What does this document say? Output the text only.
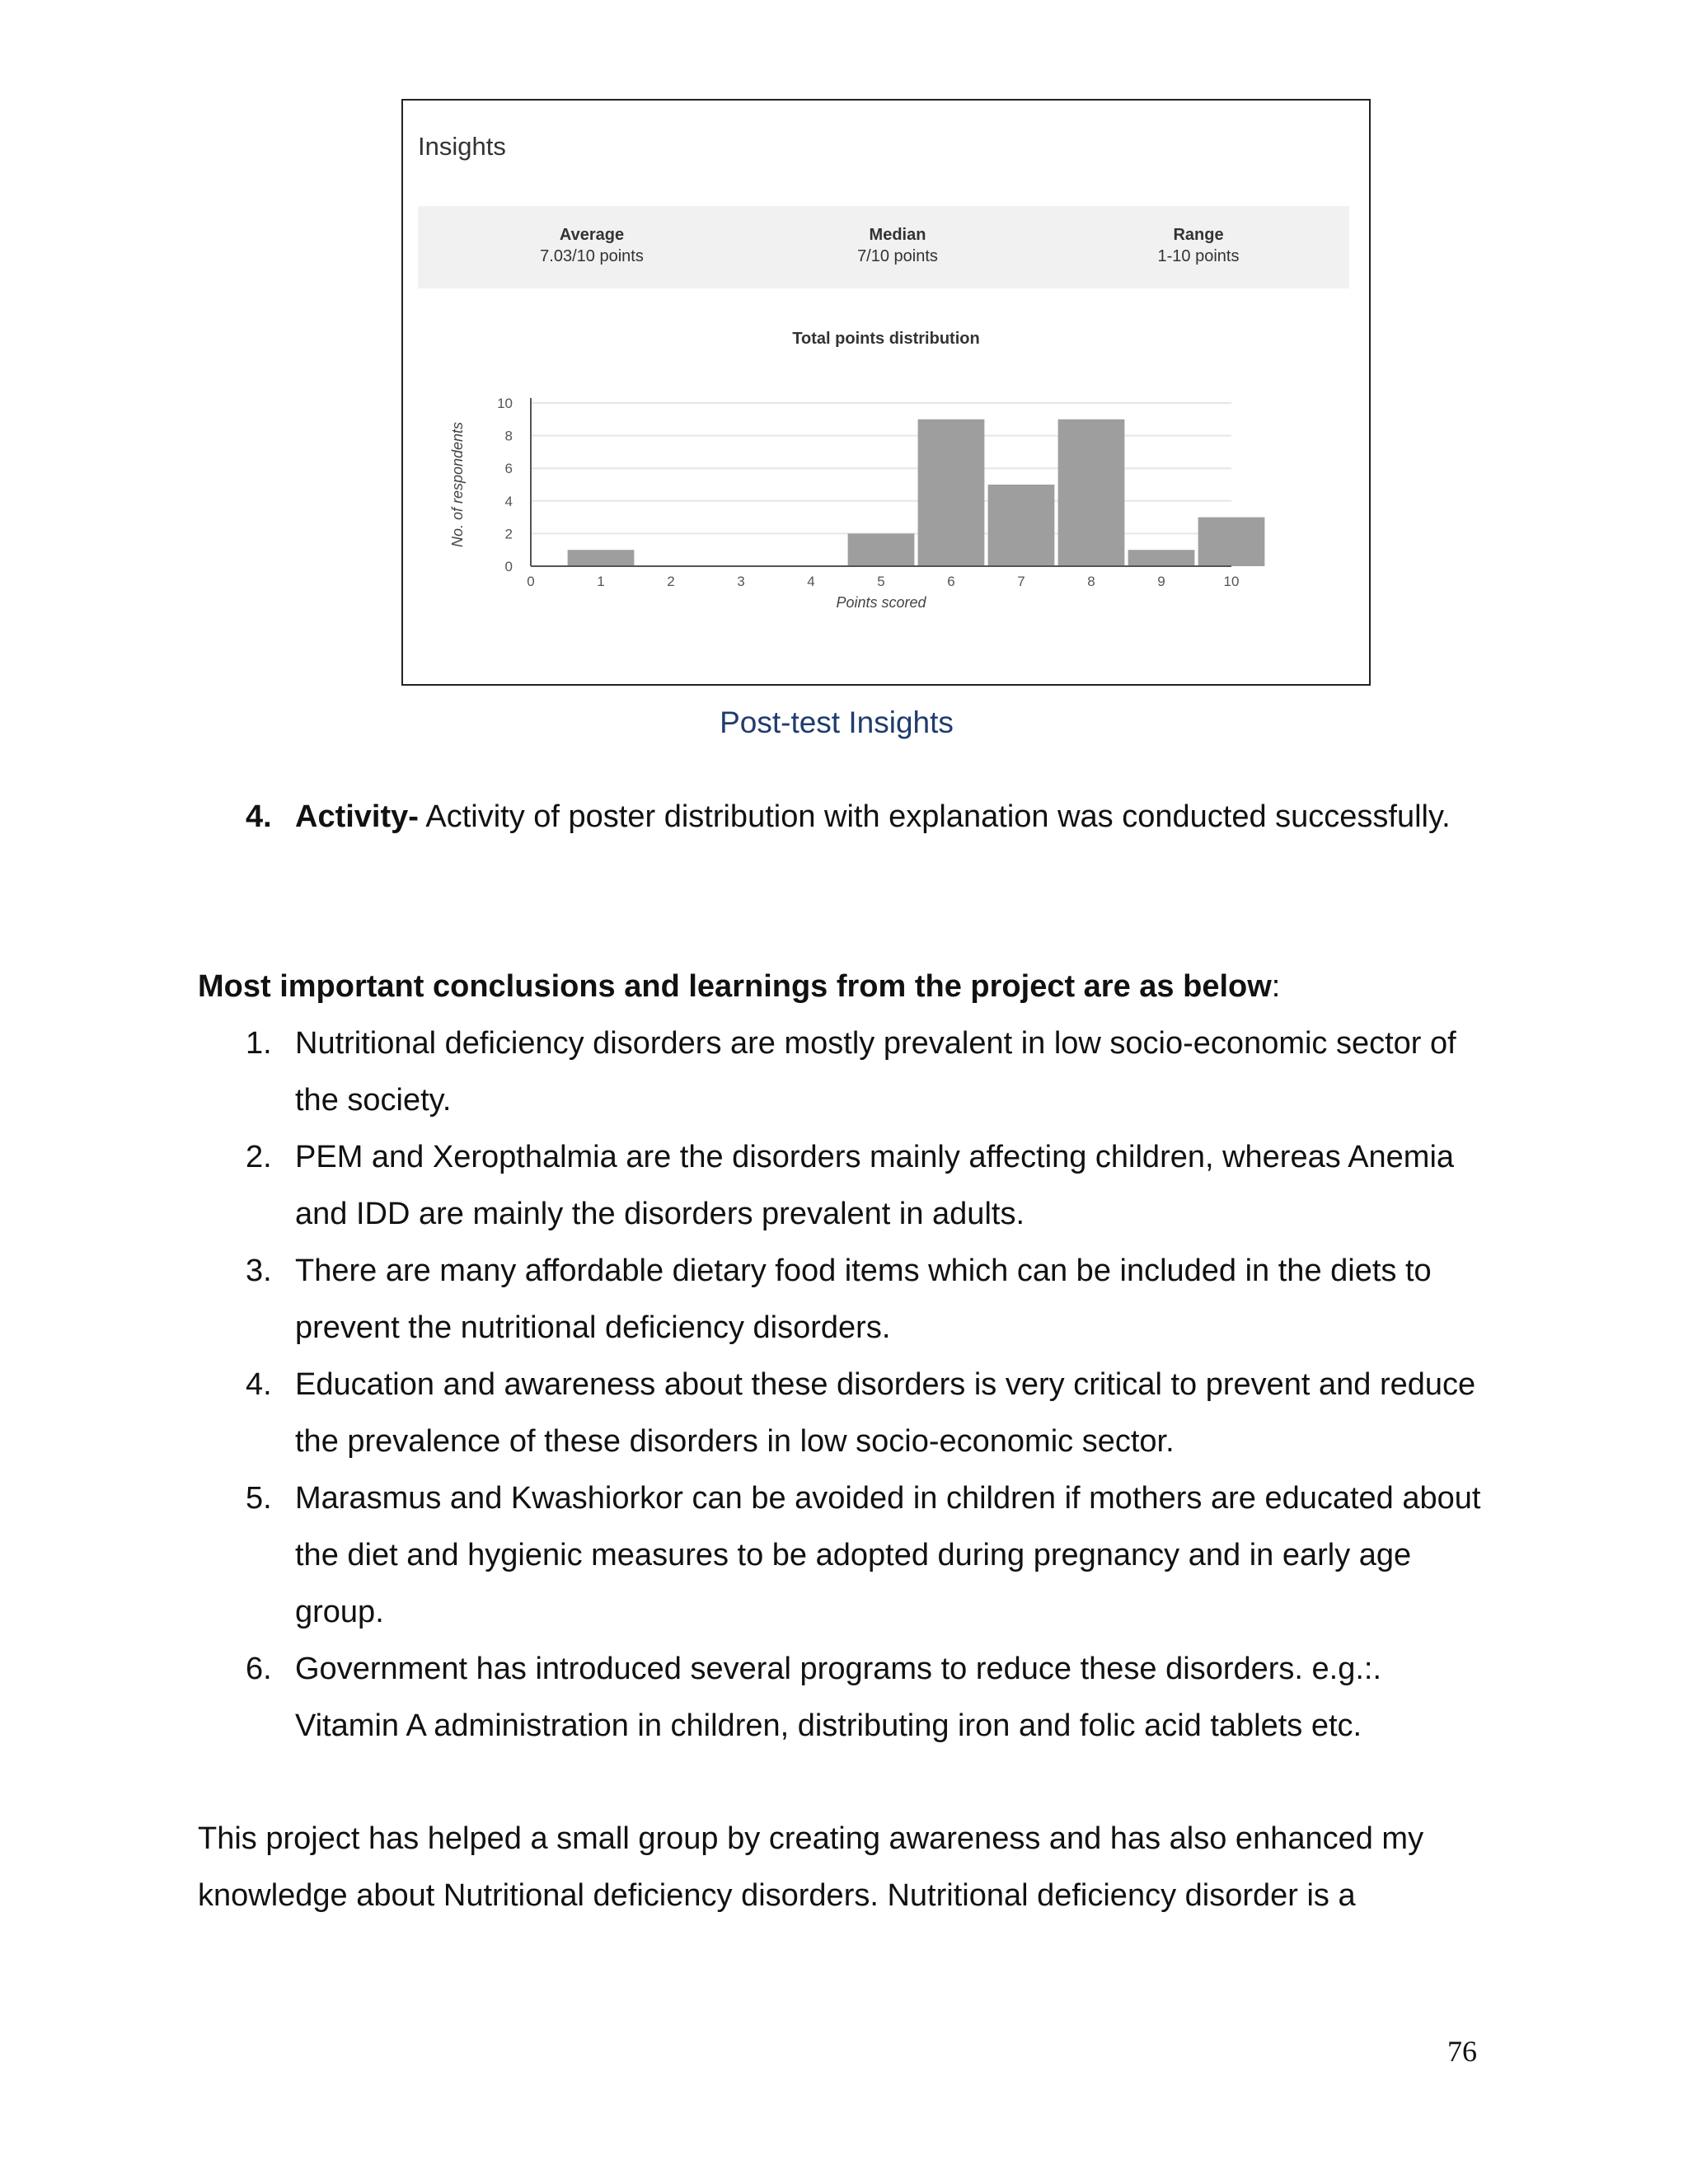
Insights
Average
7.03/10 points
Median
7/10 points
Range
1-10 points
Total points distribution
0
2
4
6
8
10
0	1	2	3	4	5	6	7	8	9	10
Points scored
No. of respondents
Post-test Insights
4. Activity- Activity of poster distribution with explanation was conducted successfully.
Most important conclusions and learnings from the project are as below:
1. Nutritional deficiency disorders are mostly prevalent in low socio-economic sector of the society.
2. PEM and Xeropthalmia are the disorders mainly affecting children, whereas Anemia and IDD are mainly the disorders prevalent in adults.
3. There are many affordable dietary food items which can be included in the diets to prevent the nutritional deficiency disorders.
4. Education and awareness about these disorders is very critical to prevent and reduce the prevalence of these disorders in low socio-economic sector.
5. Marasmus and Kwashiorkor can be avoided in children if mothers are educated about the diet and hygienic measures to be adopted during pregnancy and in early age group.
6. Government has introduced several programs to reduce these disorders. e.g.:. Vitamin A administration in children, distributing iron and folic acid tablets etc.
This project has helped a small group by creating awareness and has also enhanced my knowledge about Nutritional deficiency disorders. Nutritional deficiency disorder is a
76
